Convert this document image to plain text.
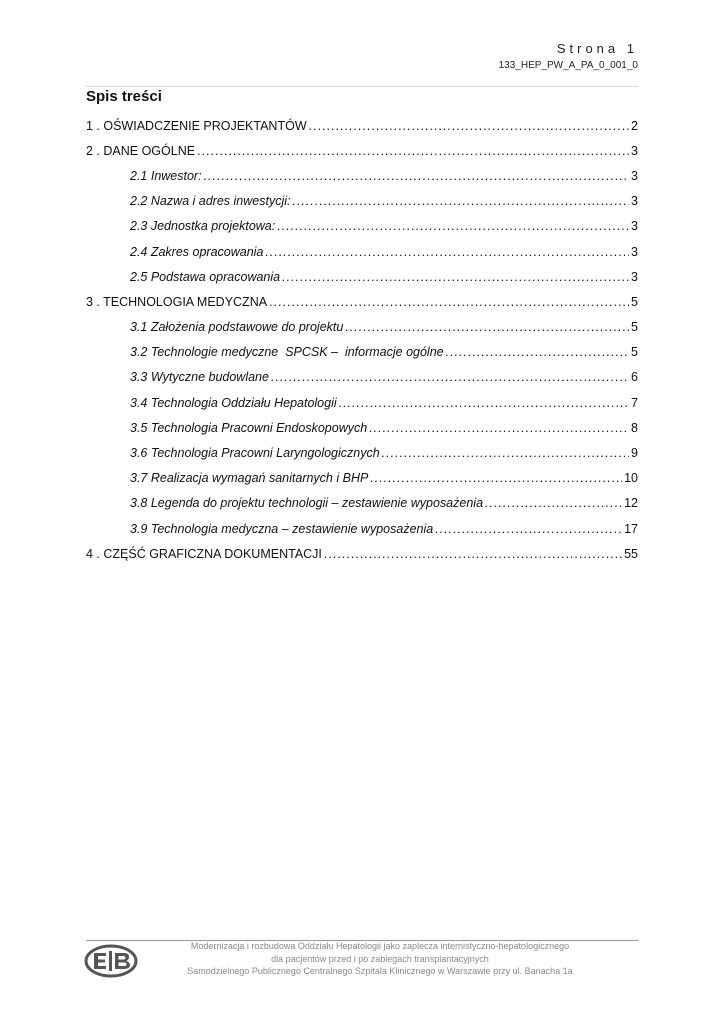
Strona 1
133_HEP_PW_A_PA_0_001_0
Spis treści
1 . OŚWIADCZENIE PROJEKTANTÓW .....	2
2 . DANE OGÓLNE .....	3
2.1 Inwestor: .....	3
2.2 Nazwa i adres inwestycji: .....	3
2.3 Jednostka projektowa: .....	3
2.4 Zakres opracowania .....	3
2.5 Podstawa opracowania .....	3
3 . TECHNOLOGIA MEDYCZNA .....	5
3.1 Założenia podstawowe do projektu .....	5
3.2 Technologie medyczne  SPCSK –  informacje ogólne .....	5
3.3 Wytyczne budowlane .....	6
3.4 Technologia Oddziału Hepatologii .....	7
3.5 Technologia Pracowni Endoskopowych .....	8
3.6 Technologia Pracowni Laryngologicznych .....	9
3.7 Realizacja wymagań sanitarnych i BHP .....	10
3.8 Legenda do projektu technologii – zestawienie wyposażenia .....	12
3.9 Technologia medyczna – zestawienie wyposażenia .....	17
4 . CZĘŚĆ GRAFICZNA DOKUMENTACJI .....	55
Modernizacja i rozbudowa Oddziału Hepatologii jako zaplecza internistyczno-hepatologicznego
dla pacjentów przed i po zabiegach transplantacyjnych
Samodzielnego Publicznego Centralnego Szpitala Klinicznego w Warszawie przy ul. Banacha 1a
